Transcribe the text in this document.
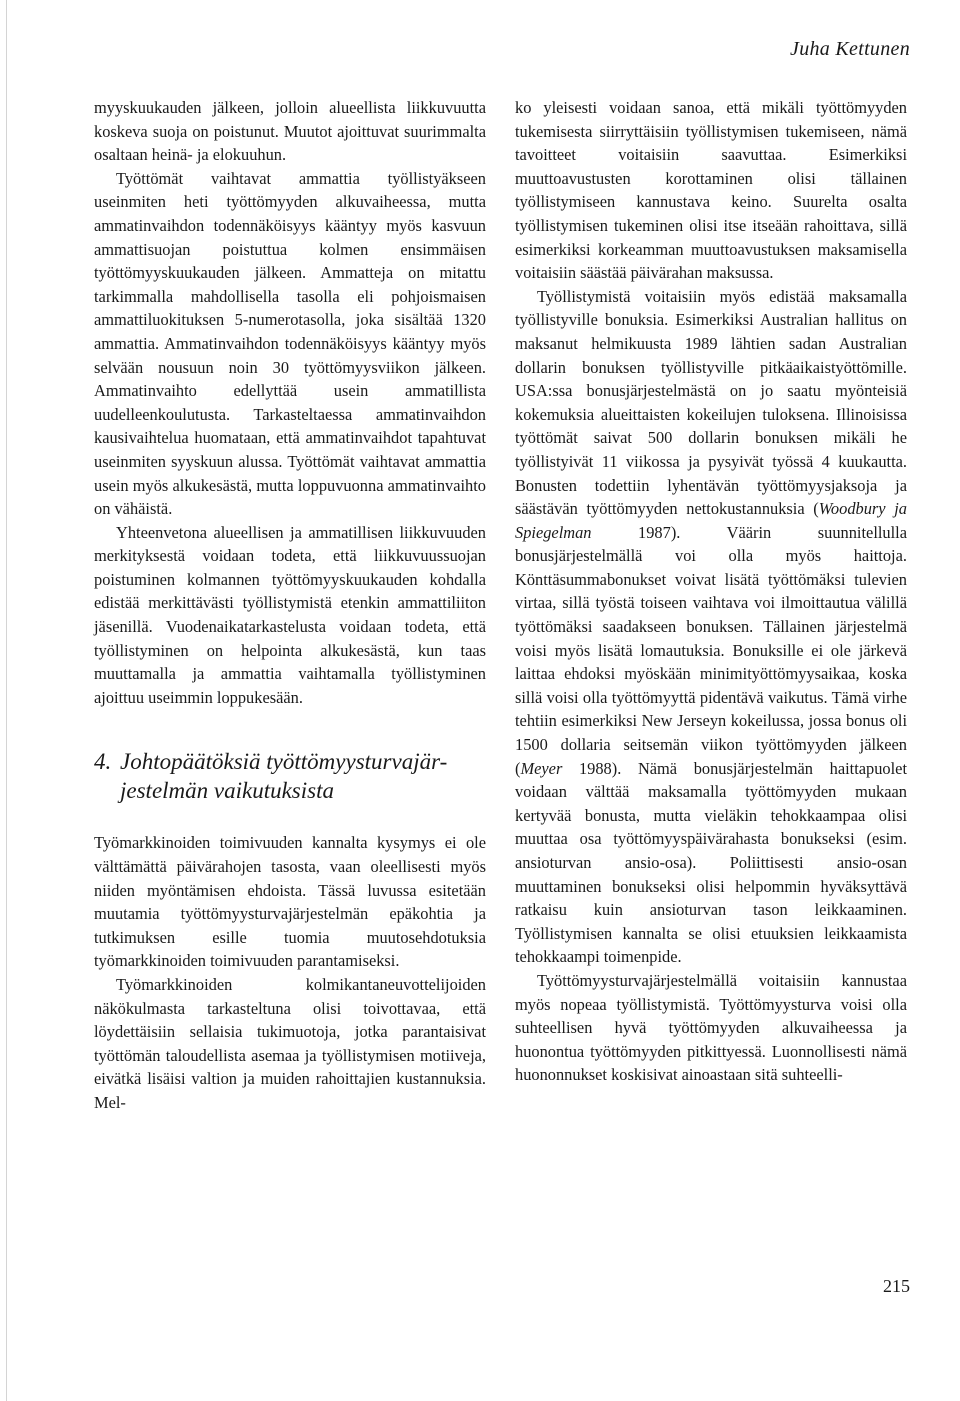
Juha Kettunen

myyskuukauden jälkeen, jolloin alueellista liikkuvuutta koskeva suoja on poistunut. Muutot ajoittuvat suurimmalta osaltaan heinä- ja elokuuhun.

Työttömät vaihtavat ammattia työllistyäkseen useinmiten heti työttömyyden alkuvaiheessa, mutta ammatinvaihdon todennäköisyys kääntyy myös kasvuun ammattisuojan poistuttua kolmen ensimmäisen työttömyyskuukauden jälkeen. Ammatteja on mitattu tarkimmalla mahdollisella tasolla eli pohjoismaisen ammattiluokituksen 5-numerotasolla, joka sisältää 1320 ammattia. Ammatinvaihdon todennäköisyys kääntyy myös selvään nousuun noin 30 työttömyysviikon jälkeen. Ammatinvaihto edellyttää usein ammatillista uudelleenkoulutusta. Tarkasteltaessa ammatinvaihdon kausivaihtelua huomataan, että ammatinvaihdot tapahtuvat useinmiten syyskuun alussa. Työttömät vaihtavat ammattia usein myös alkukesästä, mutta loppuvuonna ammatinvaihto on vähäistä.

Yhteenvetona alueellisen ja ammatillisen liikkuvuuden merkityksestä voidaan todeta, että liikkuvuussuojan poistuminen kolmannen työttömyyskuukauden kohdalla edistää merkittävästi työllistymistä etenkin ammattiliiton jäsenillä. Vuodenaikatarkastelusta voidaan todeta, että työllistyminen on helpointa alkukesästä, kun taas muuttamalla ja ammattia vaihtamalla työllistyminen ajoittuu useimmin loppukesään.

4. Johtopäätöksiä työttömyysturvajär-
jestelmän vaikutuksista

Työmarkkinoiden toimivuuden kannalta kysymys ei ole välttämättä päivärahojen tasosta, vaan oleellisesti myös niiden myöntämisen ehdoista. Tässä luvussa esitetään muutamia työttömyysturvajärjestelmän epäkohtia ja tutkimuksen esille tuomia muutosehdotuksia työmarkkinoiden toimivuuden parantamiseksi.

Työmarkkinoiden kolmikantaneuvottelijoiden näkökulmasta tarkasteltuna olisi toivottavaa, että löydettäisiin sellaisia tukimuotoja, jotka parantaisivat työttömän taloudellista asemaa ja työllistymisen motiiveja, eivätkä lisäisi valtion ja muiden rahoittajien kustannuksia. Mel-

ko yleisesti voidaan sanoa, että mikäli työttömyyden tukemisesta siirryttäisiin työllistymisen tukemiseen, nämä tavoitteet voitaisiin saavuttaa. Esimerkiksi muuttoavustusten korottaminen olisi tällainen työllistymiseen kannustava keino. Suurelta osalta työllistymisen tukeminen olisi itse itseään rahoittava, sillä esimerkiksi korkeamman muuttoavustuksen maksamisella voitaisiin säästää päivärahan maksussa.

Työllistymistä voitaisiin myös edistää maksamalla työllistyville bonuksia. Esimerkiksi Australian hallitus on maksanut helmikuusta 1989 lähtien sadan Australian dollarin bonuksen työllistyville pitkäaikaistyöttömille. USA:ssa bonusjärjestelmästä on jo saatu myönteisiä kokemuksia alueittaisten kokeilujen tuloksena. Illinoisissa työttömät saivat 500 dollarin bonuksen mikäli he työllistyivät 11 viikossa ja pysyivät työssä 4 kuukautta. Bonusten todettiin lyhentävän työttömyysjaksoja ja säästävän työttömyyden nettokustannuksia (Woodbury ja Spiegelman 1987). Väärin suunnitellulla bonusjärjestelmällä voi olla myös haittoja. Könttäsummabonukset voivat lisätä työttömäksi tulevien virtaa, sillä työstä toiseen vaihtava voi ilmoittautua välillä työttömäksi saadakseen bonuksen. Tällainen järjestelmä voisi myös lisätä lomautuksia. Bonuksille ei ole järkevä laittaa ehdoksi myöskään minimityöttömyysaikaa, koska sillä voisi olla työttömyyttä pidentävä vaikutus. Tämä virhe tehtiin esimerkiksi New Jerseyn kokeilussa, jossa bonus oli 1500 dollaria seitsemän viikon työttömyyden jälkeen (Meyer 1988). Nämä bonusjärjestelmän haittapuolet voidaan välttää maksamalla työttömyyden mukaan kertyvää bonusta, mutta vieläkin tehokkaampaa olisi muuttaa osa työttömyyspäivärahasta bonukseksi (esim. ansioturvan ansio-osa). Poliittisesti ansio-osan muuttaminen bonukseksi olisi helpommin hyväksyttävä ratkaisu kuin ansioturvan tason leikkaaminen. Työllistymisen kannalta se olisi etuuksien leikkaamista tehokkaampi toimenpide.

Työttömyysturvajärjestelmällä voitaisiin kannustaa myös nopeaa työllistymistä. Työttömyysturva voisi olla suhteellisen hyvä työttömyyden alkuvaiheessa ja huonontua työttömyyden pitkittyessä. Luonnollisesti nämä huononnukset koskisivat ainoastaan sitä suhteelli-

215
